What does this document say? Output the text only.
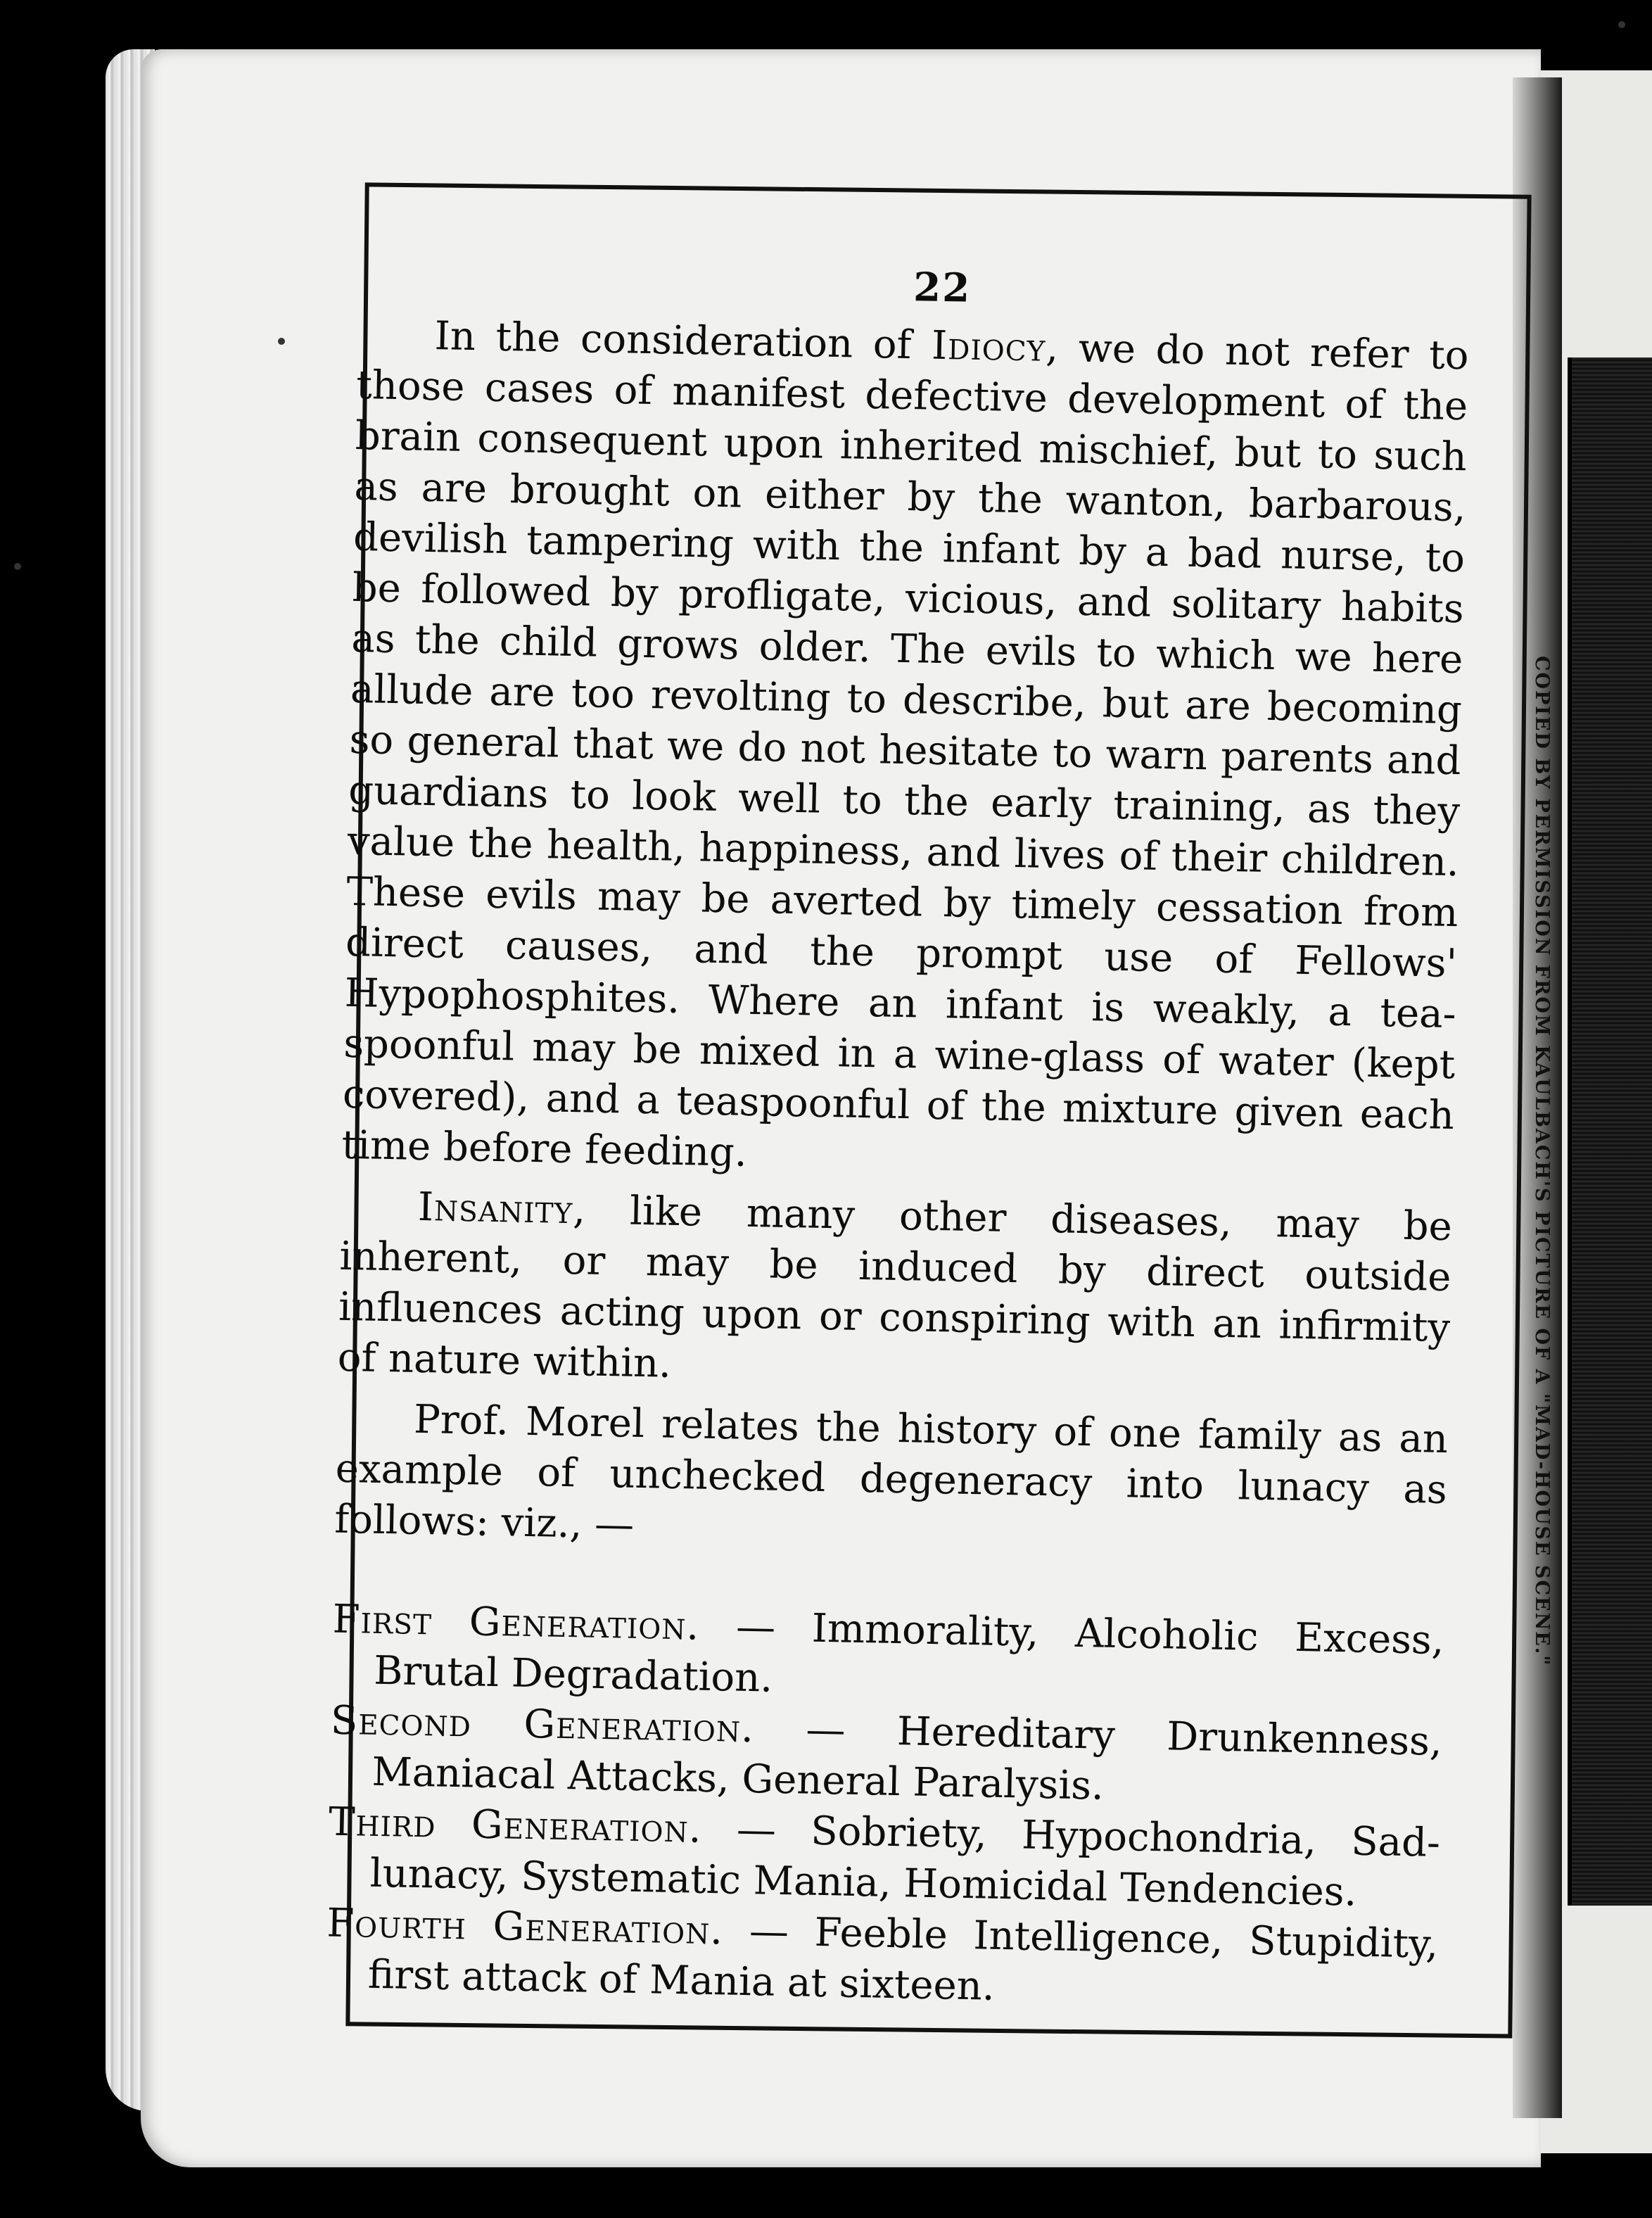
COPIED BY PERMISSION FROM KAULBACH'S PICTURE OF A "MAD-HOUSE SCENE."
22

In the consideration of Idiocy, we do not refer to those cases of manifest defective development of the brain consequent upon inherited mischief, but to such as are brought on either by the wanton, barbarous, devilish tampering with the infant by a bad nurse, to be followed by profligate, vicious, and solitary habits as the child grows older. The evils to which we here allude are too revolting to describe, but are becoming so general that we do not hesitate to warn parents and guardians to look well to the early training, as they value the health, happiness, and lives of their children. These evils may be averted by timely cessation from direct causes, and the prompt use of Fellows' Hypophosphites. Where an infant is weakly, a tea-spoonful may be mixed in a wine-glass of water (kept covered), and a teaspoonful of the mixture given each time before feeding.

Insanity, like many other diseases, may be inherent, or may be induced by direct outside influences acting upon or conspiring with an infirmity of nature within.

Prof. Morel relates the history of one family as an example of unchecked degeneracy into lunacy as follows: viz., —

First Generation. — Immorality, Alcoholic Excess, Brutal Degradation.

Second Generation. — Hereditary Drunkenness, Maniacal Attacks, General Paralysis.

Third Generation. — Sobriety, Hypochondria, Sad-lunacy, Systematic Mania, Homicidal Tendencies.

Fourth Generation. — Feeble Intelligence, Stupidity, first attack of Mania at sixteen.
